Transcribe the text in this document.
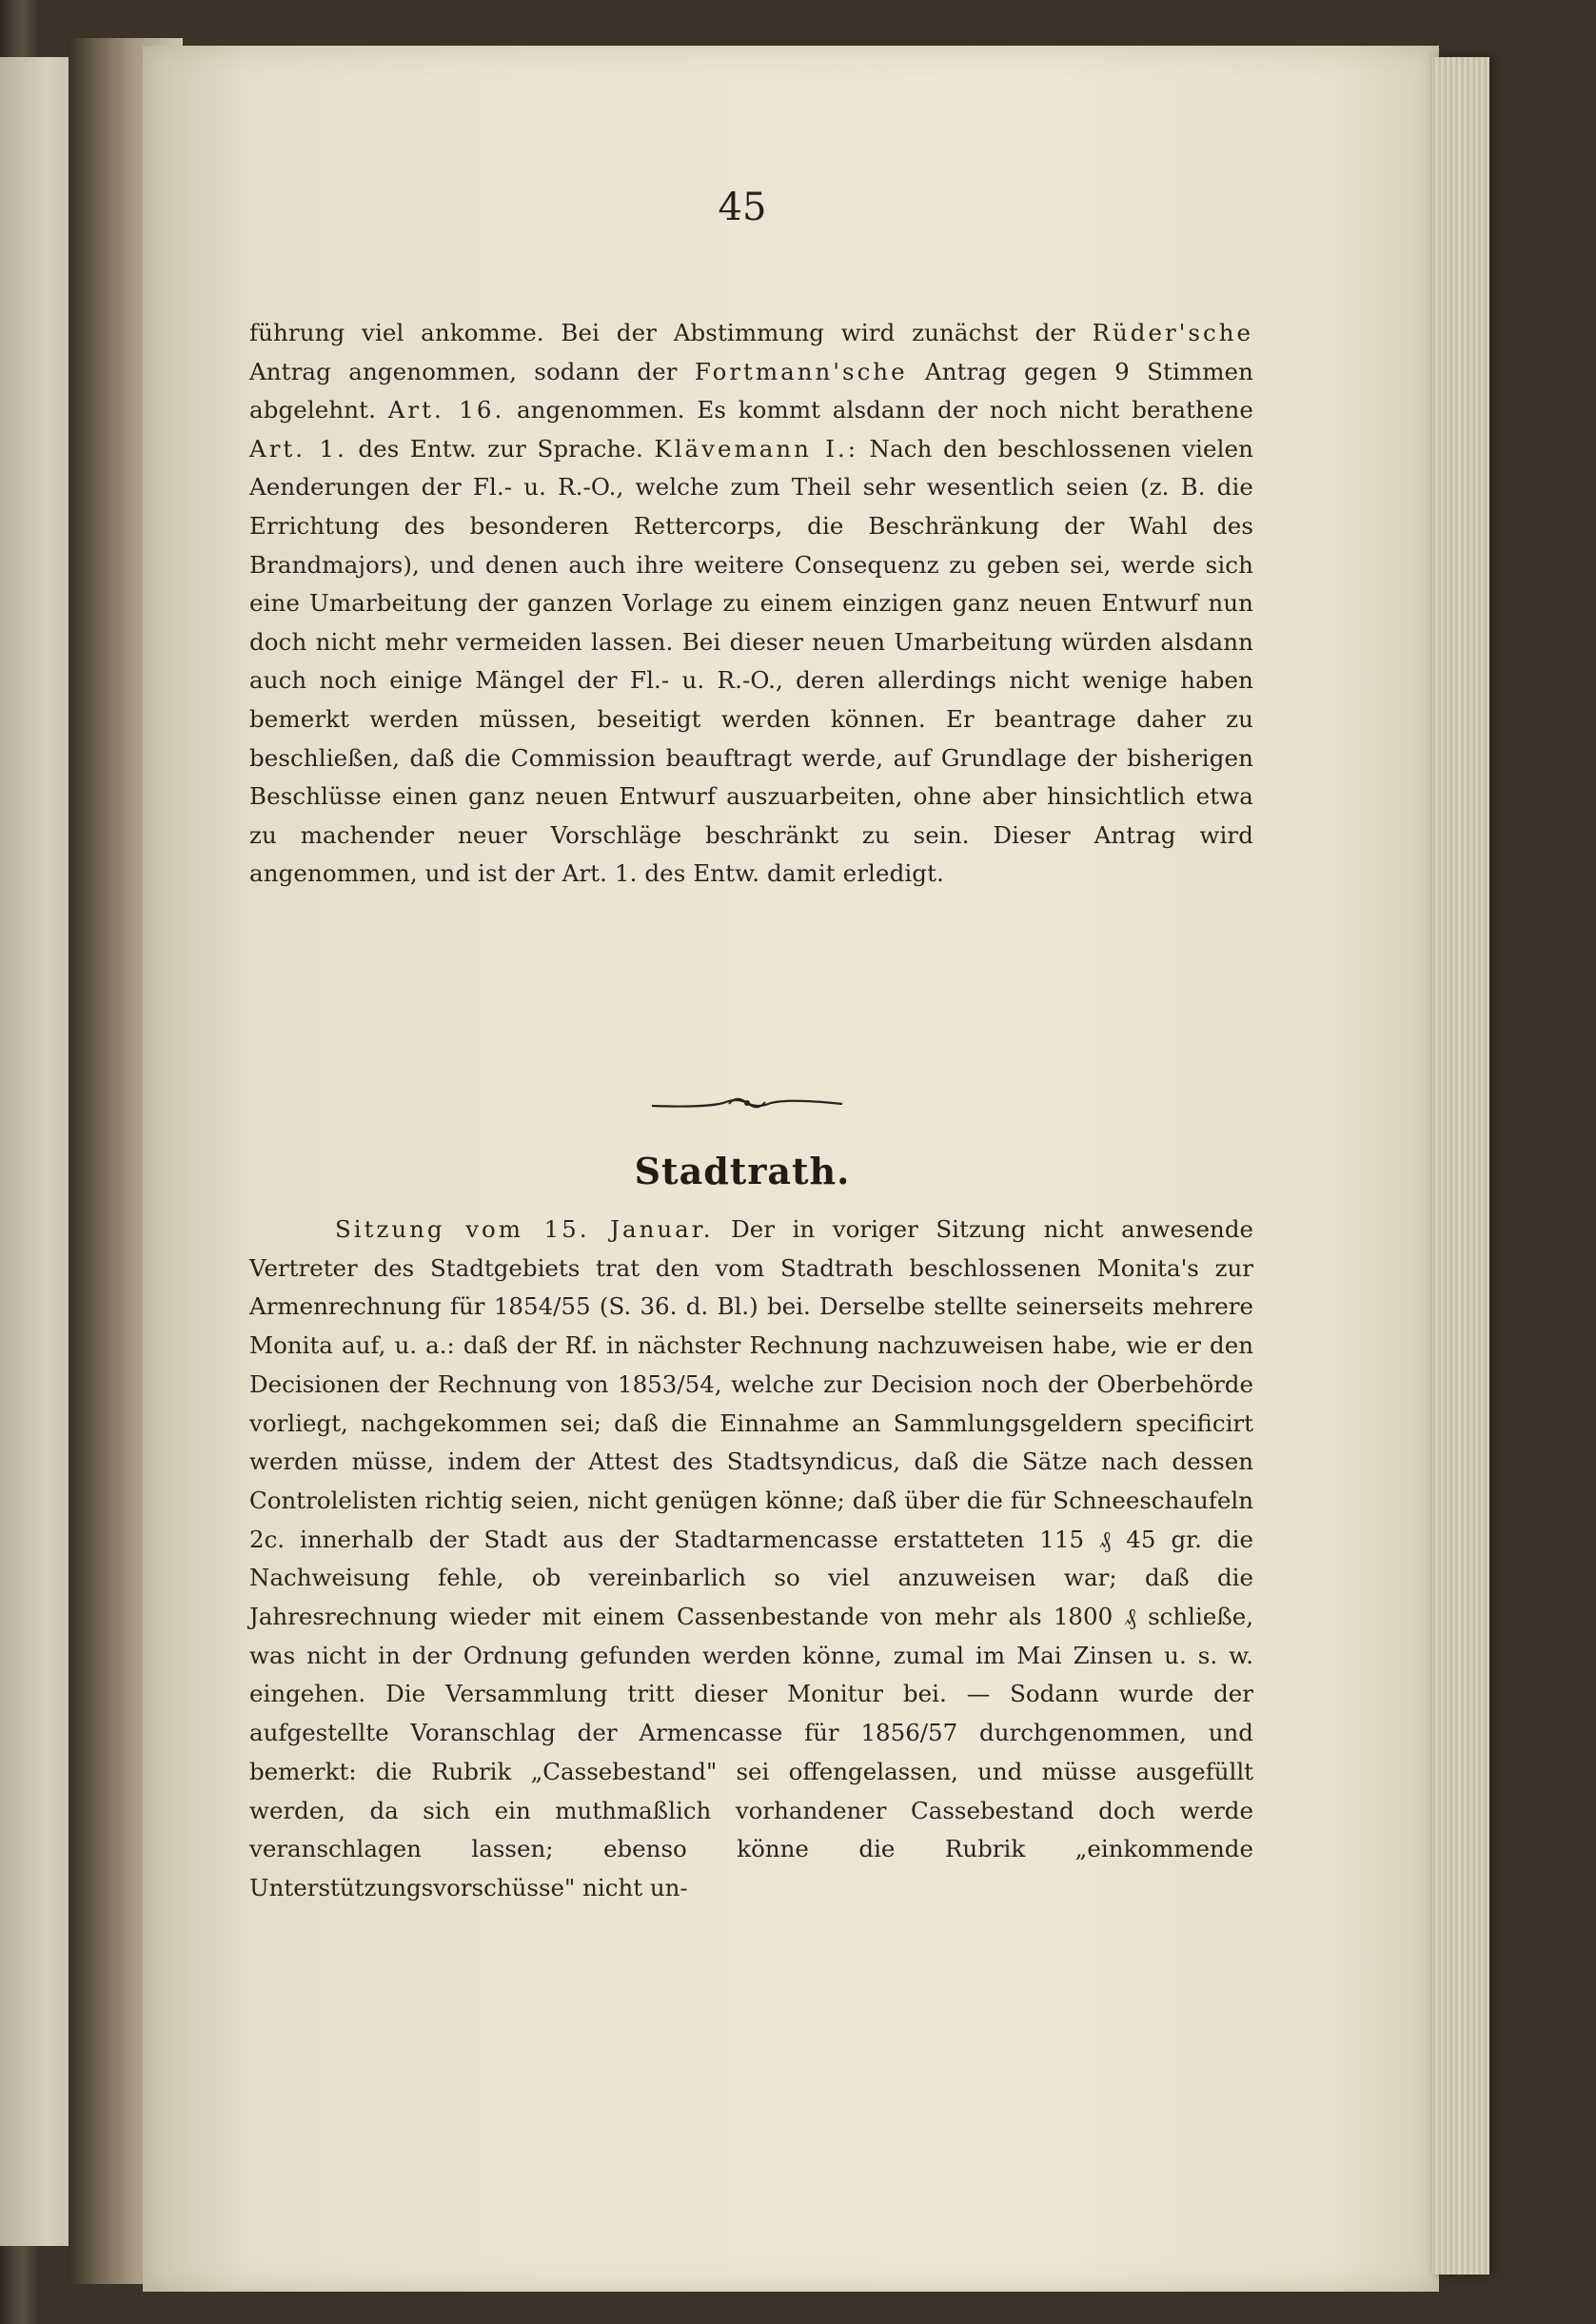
45
führung viel ankomme. Bei der Abstimmung wird zunächst der Rüder'sche Antrag angenommen, sodann der Fortmann'sche Antrag gegen 9 Stimmen abgelehnt. Art. 16. angenommen. Es kommt alsdann der noch nicht berathene Art. 1. des Entw. zur Sprache. Klävemann I.: Nach den beschlossenen vielen Aenderungen der Fl.- u. R.-O., welche zum Theil sehr wesentlich seien (z. B. die Errichtung des besonderen Rettercorps, die Beschränkung der Wahl des Brandmajors), und denen auch ihre weitere Consequenz zu geben sei, werde sich eine Umarbeitung der ganzen Vorlage zu einem einzigen ganz neuen Entwurf nun doch nicht mehr vermeiden lassen. Bei dieser neuen Umarbeitung würden alsdann auch noch einige Mängel der Fl.- u. R.-O., deren allerdings nicht wenige haben bemerkt werden müssen, beseitigt werden können. Er beantrage daher zu beschließen, daß die Commission beauftragt werde, auf Grundlage der bisherigen Beschlüsse einen ganz neuen Entwurf auszuarbeiten, ohne aber hinsichtlich etwa zu machender neuer Vorschläge beschränkt zu sein. Dieser Antrag wird angenommen, und ist der Art. 1. des Entw. damit erledigt.
Stadtrath.
Sitzung vom 15. Januar. Der in voriger Sitzung nicht anwesende Vertreter des Stadtgebiets trat den vom Stadtrath beschlossenen Monita's zur Armenrechnung für 1854/55 (S. 36. d. Bl.) bei. Derselbe stellte seinerseits mehrere Monita auf, u. a.: daß der Rf. in nächster Rechnung nachzuweisen habe, wie er den Decisionen der Rechnung von 1853/54, welche zur Decision noch der Oberbehörde vorliegt, nachgekommen sei; daß die Einnahme an Sammlungsgeldern specificirt werden müsse, indem der Attest des Stadtsyndicus, daß die Sätze nach dessen Controlelisten richtig seien, nicht genügen könne; daß über die für Schneeschaufeln 2c. innerhalb der Stadt aus der Stadtarmencasse erstatteten 115 ₰ 45 gr. die Nachweisung fehle, ob vereinbarlich so viel anzuweisen war; daß die Jahresrechnung wieder mit einem Cassenbestande von mehr als 1800 ₰ schließe, was nicht in der Ordnung gefunden werden könne, zumal im Mai Zinsen u. s. w. eingehen. Die Versammlung tritt dieser Monitur bei. — Sodann wurde der aufgestellte Voranschlag der Armencasse für 1856/57 durchgenommen, und bemerkt: die Rubrik „Cassebestand" sei offengelassen, und müsse ausgefüllt werden, da sich ein muthmaßlich vorhandener Cassebestand doch werde veranschlagen lassen; ebenso könne die Rubrik „einkommende Unterstützungsvorschüsse" nicht un-
